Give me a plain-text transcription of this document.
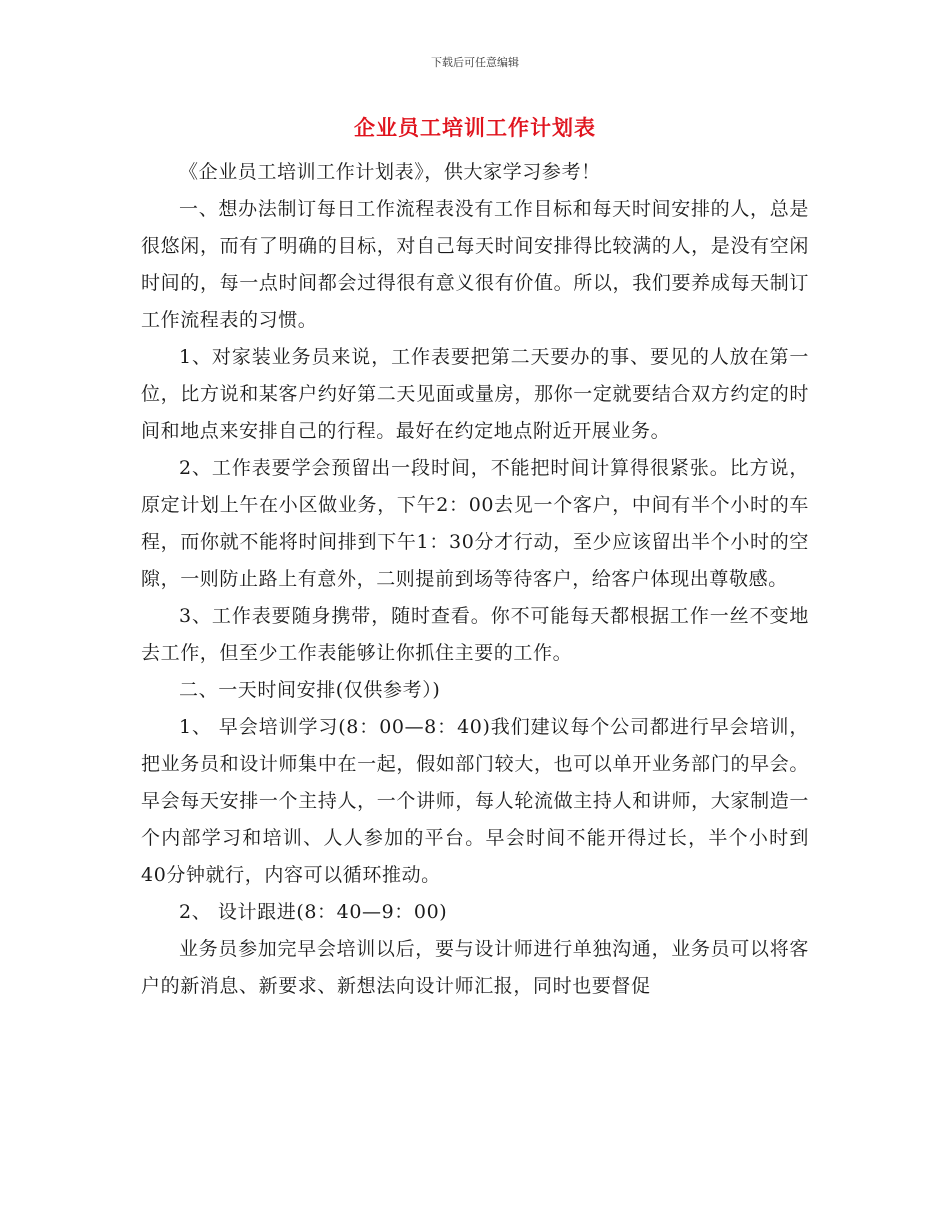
下载后可任意编辑
企业员工培训工作计划表

《企业员工培训工作计划表》，供大家学习参考！

一、想办法制订每日工作流程表没有工作目标和每天时间安排的人，总是很悠闲，而有了明确的目标，对自己每天时间安排得比较满的人，是没有空闲时间的，每一点时间都会过得很有意义很有价值。所以，我们要养成每天制订工作流程表的习惯。

1、对家装业务员来说，工作表要把第二天要办的事、要见的人放在第一位，比方说和某客户约好第二天见面或量房，那你一定就要结合双方约定的时间和地点来安排自己的行程。最好在约定地点附近开展业务。

2、工作表要学会预留出一段时间，不能把时间计算得很紧张。比方说，原定计划上午在小区做业务，下午2：00去见一个客户，中间有半个小时的车程，而你就不能将时间排到下午1：30分才行动，至少应该留出半个小时的空隙，一则防止路上有意外，二则提前到场等待客户，给客户体现出尊敬感。

3、工作表要随身携带，随时查看。你不可能每天都根据工作一丝不变地去工作，但至少工作表能够让你抓住主要的工作。

二、一天时间安排(仅供参考）)

1、 早会培训学习(8：00—8：40)我们建议每个公司都进行早会培训，把业务员和设计师集中在一起，假如部门较大，也可以单开业务部门的早会。早会每天安排一个主持人，一个讲师，每人轮流做主持人和讲师，大家制造一个内部学习和培训、人人参加的平台。早会时间不能开得过长，半个小时到40分钟就行，内容可以循环推动。

2、 设计跟进(8：40—9：00)

业务员参加完早会培训以后，要与设计师进行单独沟通，业务员可以将客户的新消息、新要求、新想法向设计师汇报，同时也要督促
